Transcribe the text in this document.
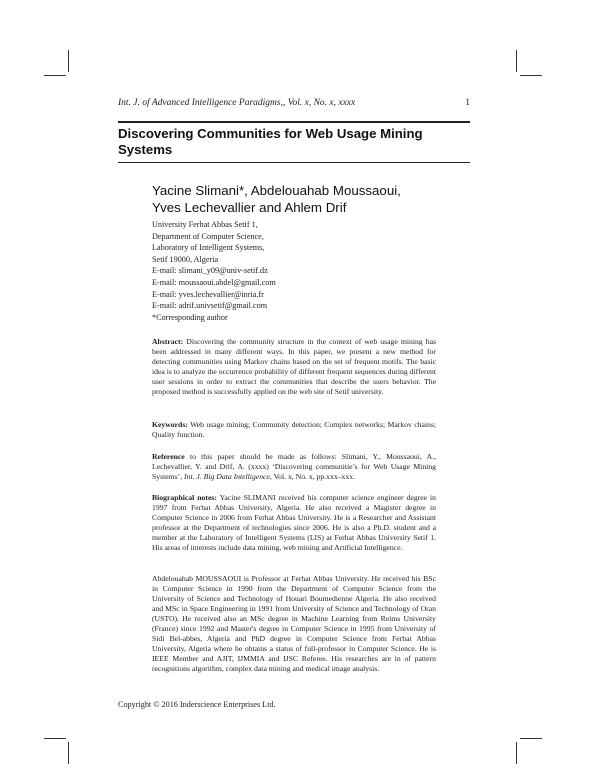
Int. J. of Advanced Intelligence Paradigms,, Vol. x, No. x, xxxx	1
Discovering Communities for Web Usage Mining Systems
Yacine Slimani*, Abdelouahab Moussaoui,
Yves Lechevallier and Ahlem Drif
University Ferhat Abbas Setif 1,
Department of Computer Science,
Laboratory of Intelligent Systems,
Setif 19000, Algeria
E-mail: slimani_y09@univ-setif.dz
E-mail: moussaoui.abdel@gmail.com
E-mail: yves.lechevallier@inria.fr
E-mail: adrif.univsetif@gmail.com
*Corresponding author
Abstract: Discovering the community structure in the context of web usage mining has been addressed in many different ways. In this paper, we present a new method for detecting communities using Markov chains based on the set of frequent motifs. The basic idea is to analyze the occurrence probability of different frequent sequences during different user sessions in order to extract the communities that describe the users behavior. The proposed method is successfully applied on the web site of Setif university.
Keywords: Web usage mining; Community detection; Complex networks; Markov chains; Quality function.
Reference to this paper should be made as follows: Slimani, Y., Moussaoui, A., Lechevallier, Y. and Drif, A. (xxxx) ‘Discovering communitie’s for Web Usage Mining Systems’, Int. J. Big Data Intelligence, Vol. x, No. x, pp.xxx–xxx.
Biographical notes: Yacine SLIMANI received his computer science engineer degree in 1997 from Ferhat Abbas University, Algeria. He also received a Magister degree in Computer Science in 2006 from Ferhat Abbas University. He is a Researcher and Assistant professor at the Department of technologies since 2006. He is also a Ph.D. student and a member at the Laboratory of Intelligent Systems (LIS) at Ferhat Abbas University Setif 1. His areas of interests include data mining, web mining and Artificial Intelligence.
Abdelouahab MOUSSAOUI is Professor at Ferhat Abbas University. He received his BSc in Computer Science in 1990 from the Department of Computer Science from the University of Science and Technology of Houari Boumedienne Algeria. He also received and MSc in Space Engineering in 1991 from University of Science and Technology of Oran (USTO). He received also an MSc degree in Machine Learning from Reims University (France) since 1992 and Master's degree in Computer Science in 1995 from University of Sidi Bel-abbes, Algeria and PhD degree in Computer Science from Ferhat Abbas University, Algeria where he obtains a status of full-professor in Computer Science. He is IEEE Member and AJIT, IJMMIA and IJSC Referee. His researches are in of pattern recognitions algorithm, complex data mining and medical image analysis.
Copyright © 2016 Inderscience Enterprises Ltd.
